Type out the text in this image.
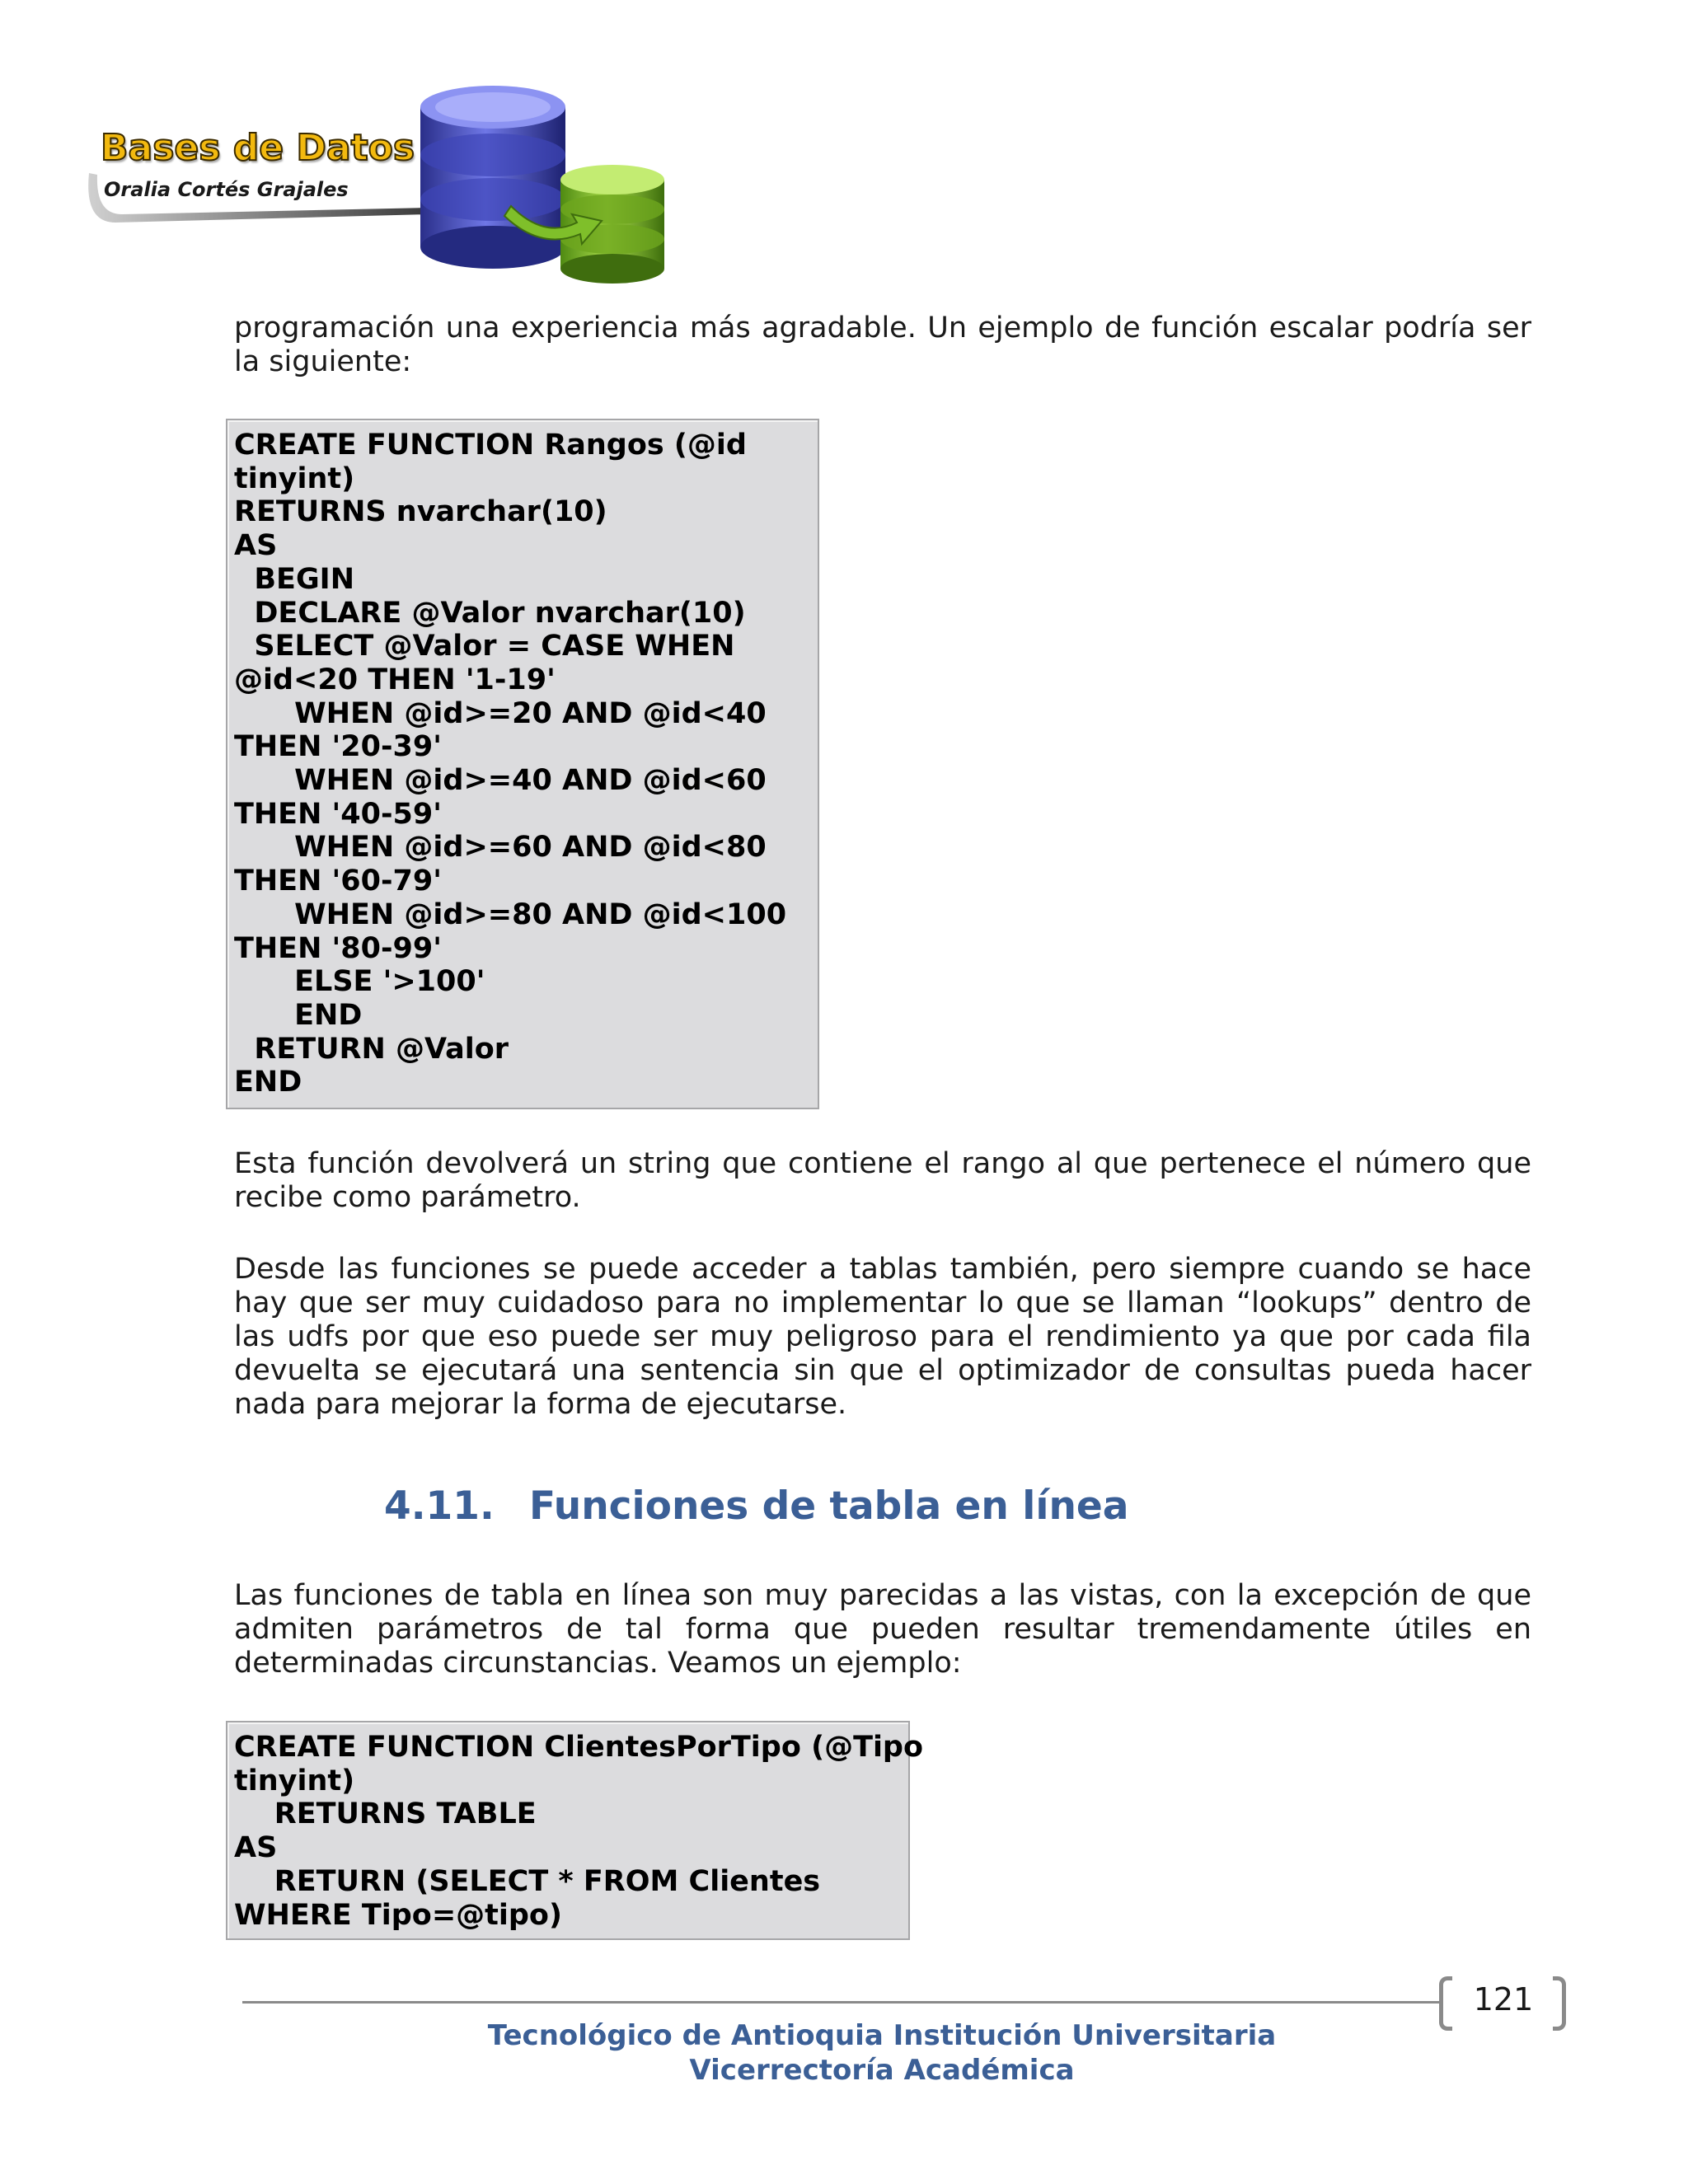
Bases de Datos
Oralia Cortés Grajales

programación una experiencia más agradable. Un ejemplo de función escalar podría ser la siguiente:

CREATE FUNCTION Rangos (@id
tinyint)
RETURNS nvarchar(10)
AS
BEGIN
DECLARE @Valor nvarchar(10)
SELECT @Valor = CASE WHEN
@id<20 THEN '1-19'
WHEN @id>=20 AND @id<40
THEN '20-39'
WHEN @id>=40 AND @id<60
THEN '40-59'
WHEN @id>=60 AND @id<80
THEN '60-79'
WHEN @id>=80 AND @id<100
THEN '80-99'
ELSE '>100'
END
RETURN @Valor
END

Esta función devolverá un string que contiene el rango al que pertenece el número que recibe como parámetro.

Desde las funciones se puede acceder a tablas también, pero siempre cuando se hace hay que ser muy cuidadoso para no implementar lo que se llaman “lookups” dentro de las udfs por que eso puede ser muy peligroso para el rendimiento ya que por cada fila devuelta se ejecutará una sentencia sin que el optimizador de consultas pueda hacer nada para mejorar la forma de ejecutarse.

4.11. Funciones de tabla en línea

Las funciones de tabla en línea son muy parecidas a las vistas, con la excepción de que admiten parámetros de tal forma que pueden resultar tremendamente útiles en determinadas circunstancias. Veamos un ejemplo:

CREATE FUNCTION ClientesPorTipo (@Tipo
tinyint)
RETURNS TABLE
AS
RETURN (SELECT * FROM Clientes
WHERE Tipo=@tipo)
121
Tecnológico de Antioquia Institución Universitaria
Vicerrectoría Académica
